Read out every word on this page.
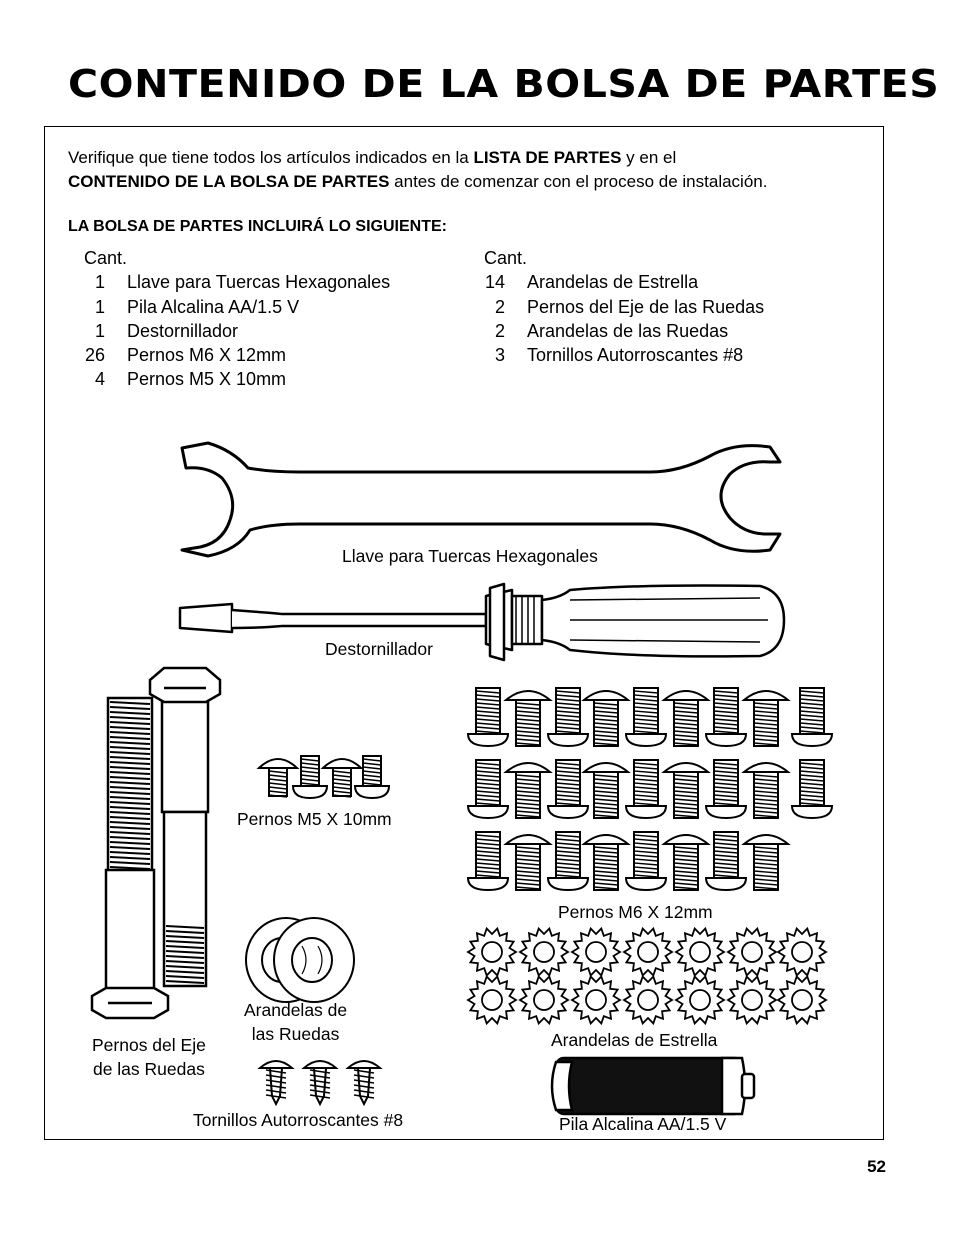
CONTENIDO DE LA BOLSA DE PARTES
Verifique que tiene todos los artículos indicados en la LISTA DE PARTES y en el
CONTENIDO DE LA BOLSA DE PARTES antes de comenzar con el proceso de instalación.
LA BOLSA DE PARTES INCLUIRÁ LO SIGUIENTE:
Cant.
1 Llave para Tuercas Hexagonales
1 Pila Alcalina AA/1.5 V
1 Destornillador
26 Pernos M6 X 12mm
4 Pernos M5 X 10mm
Cant.
14 Arandelas de Estrella
2 Pernos del Eje de las Ruedas
2 Arandelas de las Ruedas
3 Tornillos Autorroscantes #8
Llave para Tuercas Hexagonales
Destornillador
Pernos M5 X 10mm
Pernos M6 X 12mm
Arandelas de
las Ruedas
Pernos del Eje
de las Ruedas
Arandelas de Estrella
Tornillos Autorroscantes #8	Pila Alcalina AA/1.5 V
52
